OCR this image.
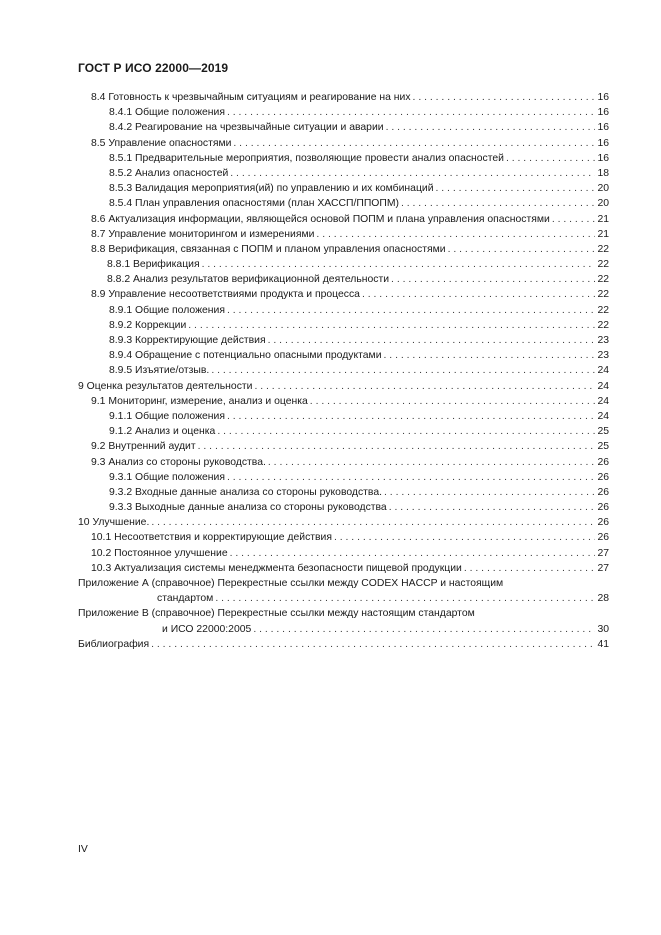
ГОСТ Р ИСО 22000—2019
8.4 Готовность к чрезвычайным ситуациям и реагирование на них . . .	16
8.4.1 Общие положения . . .	16
8.4.2 Реагирование на чрезвычайные ситуации и аварии . . .	16
8.5 Управление опасностями . . .	16
8.5.1 Предварительные мероприятия, позволяющие провести анализ опасностей . . .	16
8.5.2 Анализ опасностей . . .	18
8.5.3 Валидация мероприятия(ий) по управлению и их комбинаций . . .	20
8.5.4 План управления опасностями (план ХАССП/ППОПМ) . . .	20
8.6 Актуализация информации, являющейся основой ПОПМ и плана управления опасностями . . .	21
8.7 Управление мониторингом и измерениями . . .	21
8.8 Верификация, связанная с ПОПМ и планом управления опасностями . . .	22
8.8.1 Верификация . . .	22
8.8.2 Анализ результатов верификационной деятельности . . .	22
8.9 Управление несоответствиями продукта и процесса . . .	22
8.9.1 Общие положения . . .	22
8.9.2 Коррекции . . .	22
8.9.3 Корректирующие действия . . .	23
8.9.4 Обращение с потенциально опасными продуктами . . .	23
8.9.5 Изъятие/отзыв. . . .	24
9 Оценка результатов деятельности . . .	24
9.1 Мониторинг, измерение, анализ и оценка . . .	24
9.1.1 Общие положения . . .	24
9.1.2 Анализ и оценка . . .	25
9.2 Внутренний аудит . . .	25
9.3 Анализ со стороны руководства. . . .	26
9.3.1 Общие положения . . .	26
9.3.2 Входные данные анализа со стороны руководства. . . .	26
9.3.3 Выходные данные анализа со стороны руководства . . .	26
10 Улучшение. . . .	26
10.1 Несоответствия и корректирующие действия . . .	26
10.2 Постоянное улучшение . . .	27
10.3 Актуализация системы менеджмента безопасности пищевой продукции . . .	27
Приложение А (справочное) Перекрестные ссылки между CODEX HACCP и настоящим
стандартом . . .	28
Приложение В (справочное) Перекрестные ссылки между настоящим стандартом
и ИСО 22000:2005 . . .	30
Библиография . . .	41
IV
